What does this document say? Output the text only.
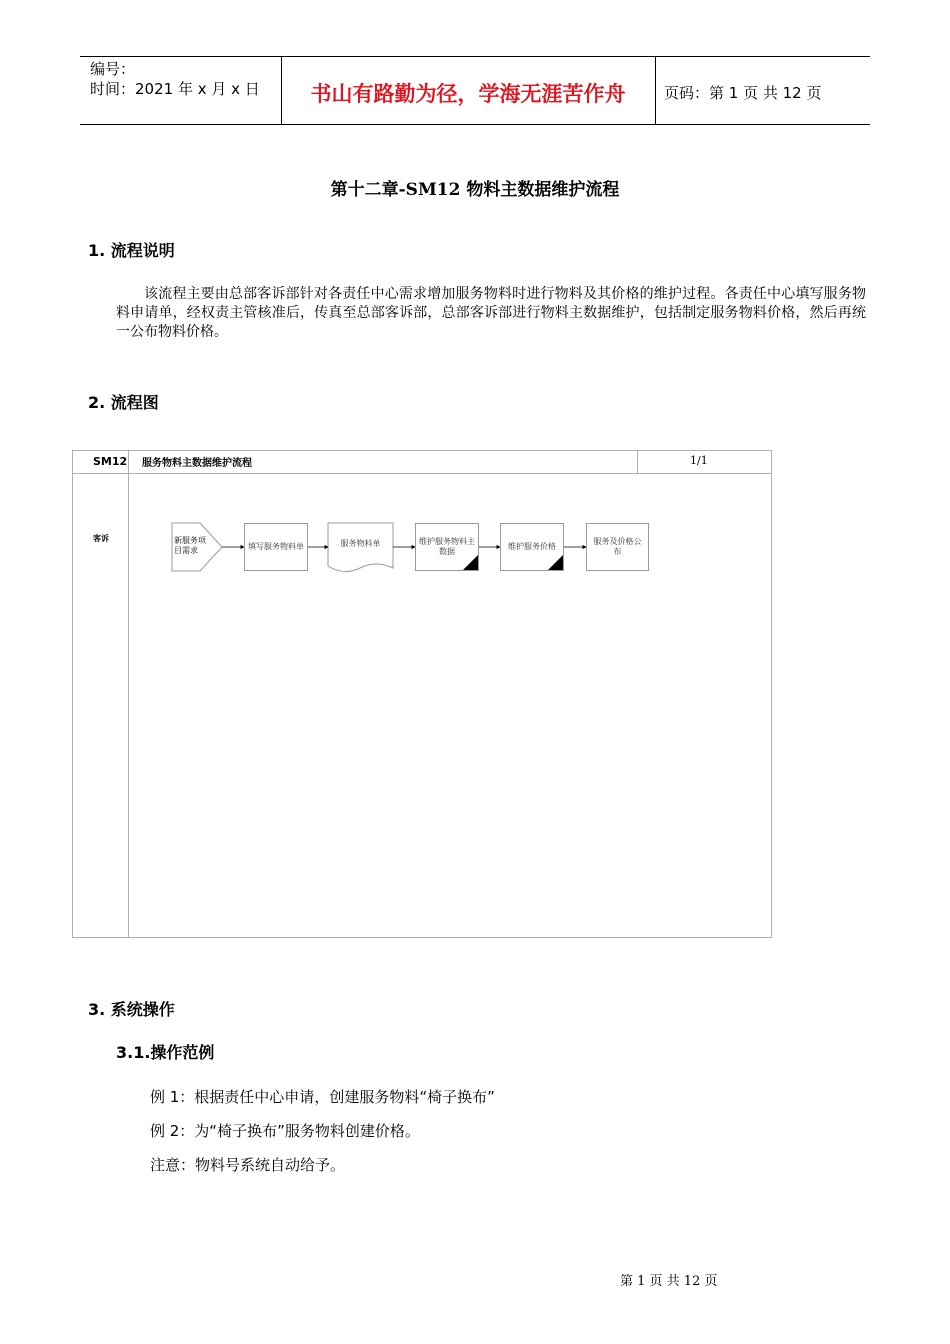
编号：
时间：2021 年 x 月 x 日	书山有路勤为径，学海无涯苦作舟	页码：第 1 页 共 12 页
第十二章-SM12 物料主数据维护流程
1. 流程说明
该流程主要由总部客诉部针对各责任中心需求增加服务物料时进行物料及其价格的维护过程。各责任中心填写服务物料申请单，经权责主管核准后，传真至总部客诉部，总部客诉部进行物料主数据维护，包括制定服务物料价格，然后再统一公布物料价格。
2. 流程图
SM12 服务物料主数据维护流程	1/1
客诉	新服务项目需求	填写服务物料单	服务物料单	维护服务物料主数据
维护服务价格
服务及价格公布
3. 系统操作
3.1.操作范例
例 1：根据责任中心申请，创建服务物料“椅子换布”
例 2：为“椅子换布”服务物料创建价格。
注意：物料号系统自动给予。
第 1 页 共 12 页
